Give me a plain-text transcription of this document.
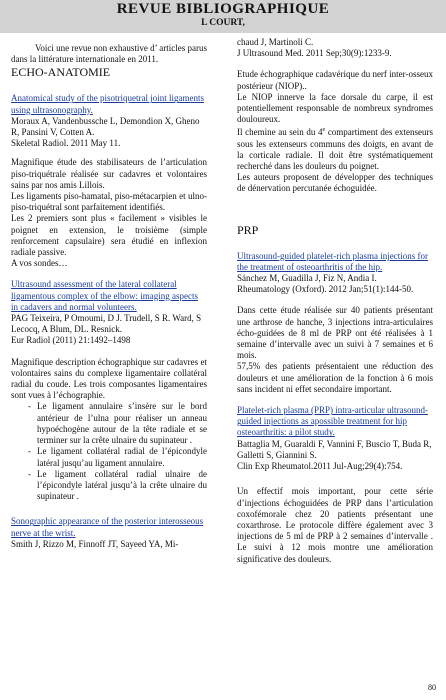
REVUE BIBLIOGRAPHIQUE
L COURT,

Voici une revue non exhaustive d’ articles parus dans la littérature internationale en 2011.

ECHO-ANATOMIE

Anatomical study of the pisotriquetral joint ligaments using ultrasonography.

Moraux A, Vandenbussche L, Demondion X, Gheno R, Pansini V, Cotten A.

Skeletal Radiol. 2011 May 11.

Magnifique étude des stabilisateurs de l’articulation piso-triquétrale réalisée sur cadavres et volontaires sains par nos amis Lillois.

Les ligaments piso-hamatal, piso-métacarpien et ulno-piso-triquétral sont parfaitement identifiés.

Les 2 premiers sont plus « facilement » visibles le poignet en extension, le troisième (simple renforcement capsulaire) sera étudié en inflexion radiale passive.

A vos sondes…

Ultrasound assessment of the lateral collateral ligamentous complex of the elbow: imaging aspects in cadavers and normal volunteers.

PAG Teixeira, P Omoumi, D J. Trudell, S R. Ward, S Lecocq, A Blum, DL. Resnick.

Eur Radiol (2011) 21:1492–1498

Magnifique description échographique sur cadavres et volontaires sains du complexe ligamentaire collatéral radial du coude. Les trois composantes ligamentaires sont vues à l’échographie.

- Le ligament annulaire s’insère sur le bord antérieur de l’ulna pour réaliser un anneau hypoéchogène autour de la tête radiale et se terminer sur la crête ulnaire du supinateur .
- Le ligament collatéral radial de l’épicondyle latéral jusqu’au ligament annulaire.
- Le ligament collatéral radial ulnaire de l’épicondyle latéral jusqu’à la crête ulnaire du supinateur .

Sonographic appearance of the posterior interosseous nerve at the wrist.

Smith J, Rizzo M, Finnoff JT, Sayeed YA, Mi-

chaud J, Martinoli C.

J Ultrasound Med. 2011 Sep;30(9):1233-9.

Etude échographique cadavérique du nerf inter-osseux postérieur (NIOP)..

Le NIOP innerve la face dorsale du carpe, il est potentiellement responsable de nombreux syndromes douloureux.

Il chemine au sein du 4e compartiment des extenseurs sous les extenseurs communs des doigts, en avant de la corticale radiale. Il doit être systématiquement recherché dans les douleurs du poignet.

Les auteurs proposent de développer des techniques de dénervation percutanée échoguidée.

PRP

Ultrasound-guided platelet-rich plasma injections for the treatment of osteoarthritis of the hip.

Sánchez M, Guadilla J, Fiz N, Andia I.

Rheumatology (Oxford). 2012 Jan;51(1):144-50.

Dans cette étude réalisée sur 40 patients présentant une arthrose de hanche, 3 injections intra-articulaires écho-guidées de 8 ml de PRP ont été réalisées à 1 semaine d’intervalle avec un suivi à 7 semaines et 6 mois.

57,5% des patients présentaient une réduction des douleurs et une amélioration de la fonction à 6 mois sans incident ni effet secondaire important.

Platelet-rich plasma (PRP) intra-articular ultrasound-guided injections as apossible treatment for hip osteoarthritis: a pilot study.

Battaglia M, Guaraldi F, Vannini F, Buscio T, Buda R, Galletti S, Giannini S.

Clin Exp Rheumatol.2011 Jul-Aug;29(4):754.

Un effectif mois important, pour cette série d’injections échoguidées de PRP dans l’articulation coxofémorale chez 20 patients présentant une coxarthrose. Le protocole diffère également avec 3 injections de 5 ml de PRP à 2 semaines d’intervalle . Le suivi à 12 mois montre une amélioration significative des douleurs.

80
